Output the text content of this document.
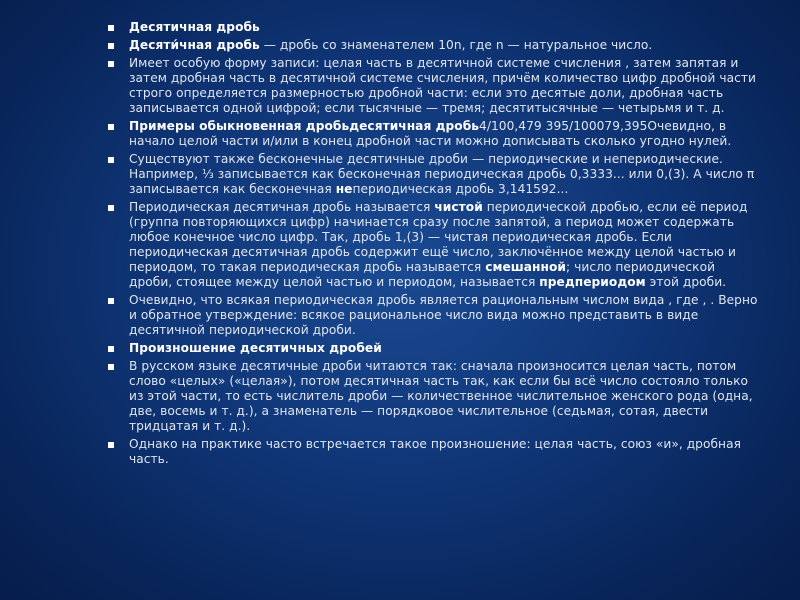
Десятичная дробь
Десяти́чная дробь — дробь со знаменателем 10n, где n — натуральное число.
Имеет особую форму записи: целая часть в десятичной системе счисления , затем запятая и затем дробная часть в десятичной системе счисления, причём количество цифр дробной части строго определяется размерностью дробной части: если это десятые доли, дробная часть записывается одной цифрой; если тысячные — тремя; десятитысячные — четырьмя и т. д.
Примеры обыкновенная дробьдесятичная дробь4/100,479 395/100079,395Очевидно, в начало целой части и/или в конец дробной части можно дописывать сколько угодно нулей.
Существуют также бесконечные десятичные дроби — периодические и непериодические. Например, ⅓ записывается как бесконечная периодическая дробь 0,3333... или 0,(3). А число π записывается как бесконечная непериодическая дробь 3,141592...
Периодическая десятичная дробь называется чистой периодической дробью, если её период (группа повторяющихся цифр) начинается сразу после запятой, а период может содержать любое конечное число цифр. Так, дробь 1,(3) — чистая периодическая дробь. Если периодическая десятичная дробь содержит ещё число, заключённое между целой частью и периодом, то такая периодическая дробь называется смешанной; число периодической дроби, стоящее между целой частью и периодом, называется предпериодом этой дроби.
Очевидно, что всякая периодическая дробь является рациональным числом вида , где , . Верно и обратное утверждение: всякое рациональное число вида можно представить в виде десятичной периодической дроби.
Произношение десятичных дробей
В русском языке десятичные дроби читаются так: сначала произносится целая часть, потом слово «целых» («целая»), потом десятичная часть так, как если бы всё число состояло только из этой части, то есть числитель дроби — количественное числительное женского рода (одна, две, восемь и т. д.), а знаменатель — порядковое числительное (седьмая, сотая, двести тридцатая и т. д.).
Однако на практике часто встречается такое произношение: целая часть, союз «и», дробная часть.
